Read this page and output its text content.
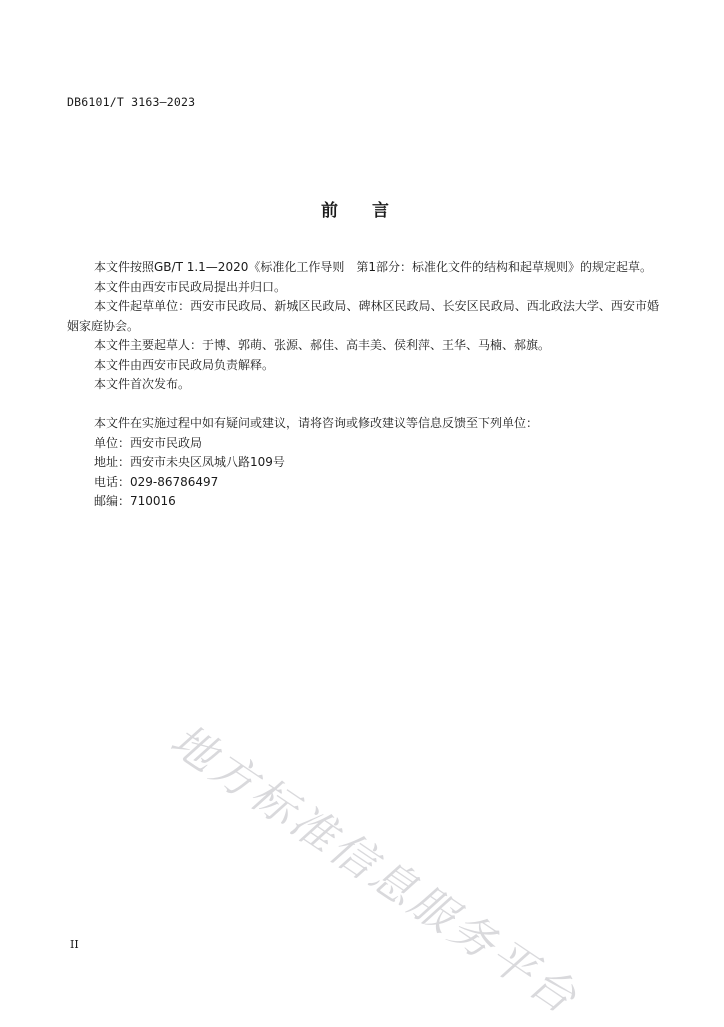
DB6101/T 3163—2023
前 言

本文件按照GB/T 1.1—2020《标准化工作导则　第1部分：标准化文件的结构和起草规则》的规定起草。

本文件由西安市民政局提出并归口。

本文件起草单位：西安市民政局、新城区民政局、碑林区民政局、长安区民政局、西北政法大学、西安市婚姻家庭协会。

本文件主要起草人：于博、郭萌、张源、郝佳、高丰美、侯利萍、王华、马楠、郝旗。

本文件由西安市民政局负责解释。

本文件首次发布。

本文件在实施过程中如有疑问或建议，请将咨询或修改建议等信息反馈至下列单位：

单位：西安市民政局
地址：西安市未央区凤城八路109号
电话：029-86786497
邮编：710016
地方标准信息服务平台
II
